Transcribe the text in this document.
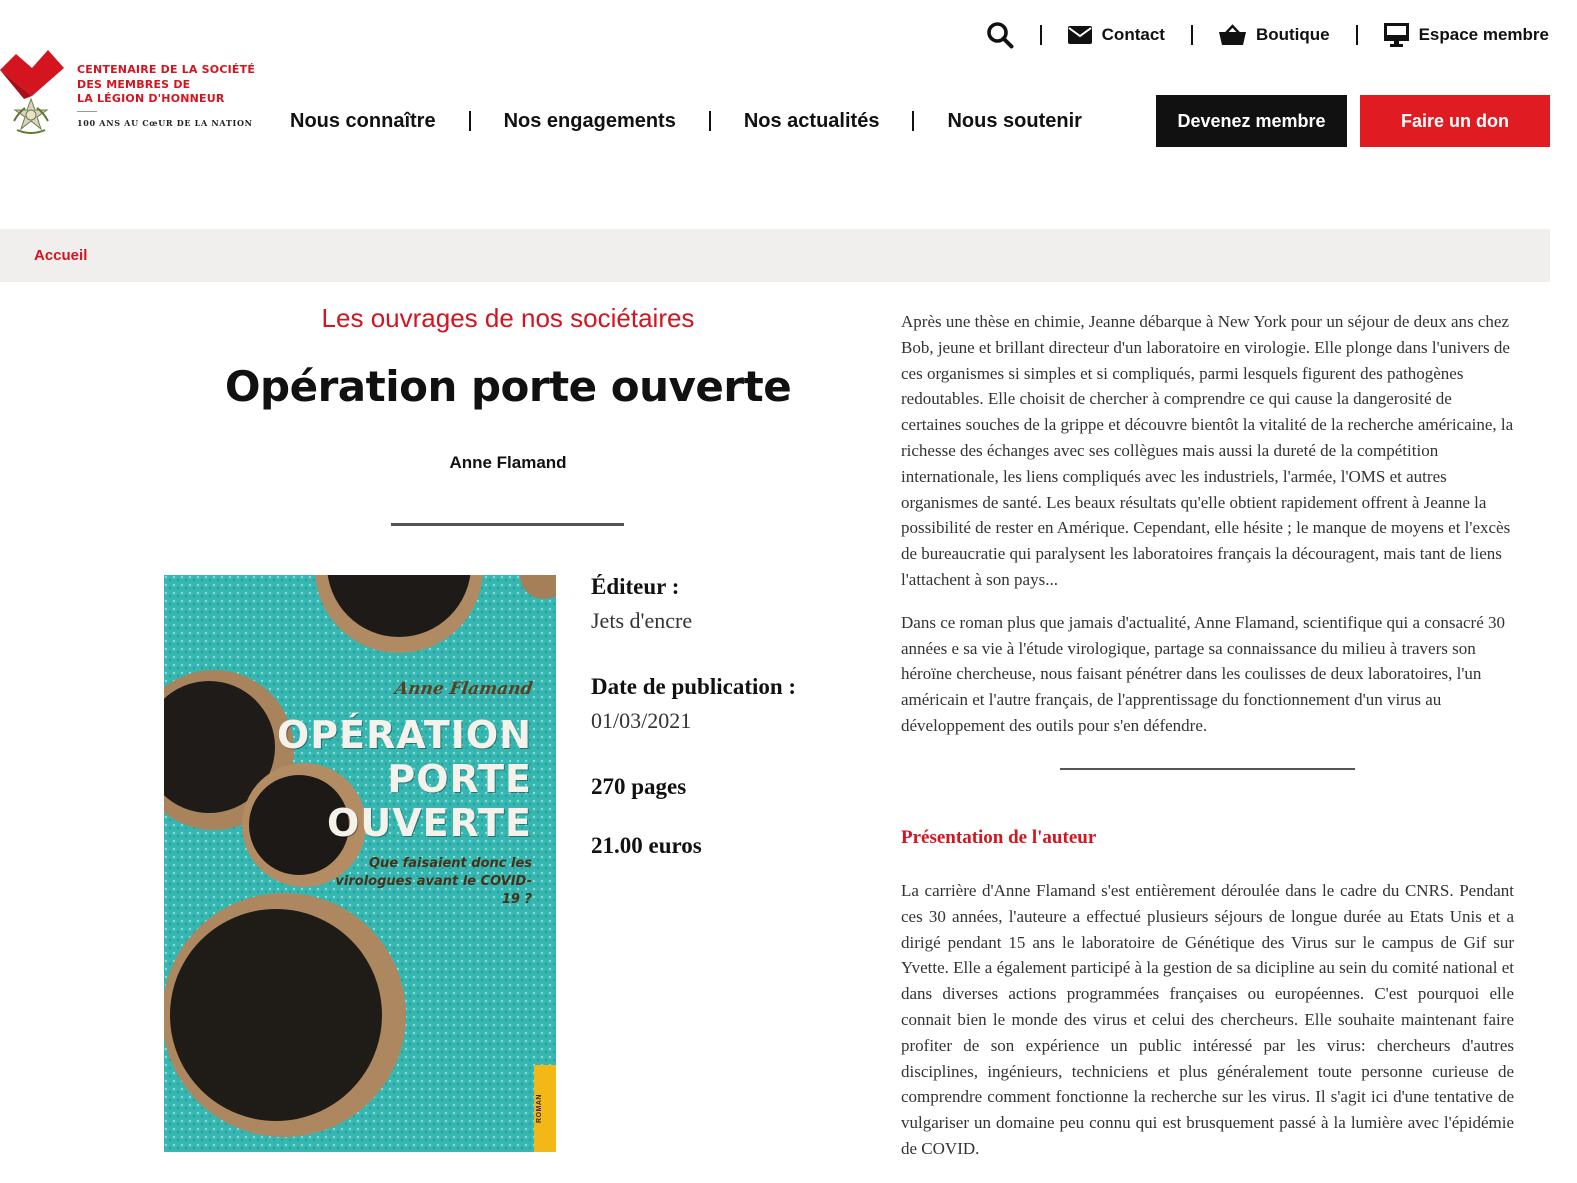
Contact	Boutique	Espace membre
CENTENAIRE DE LA SOCIÉTÉ
DES MEMBRES DE
LA LÉGION D'HONNEUR
100 ANS AU CœUR DE LA NATION Nous connaître	Nos engagements	Nos actualités	Nous soutenir	Devenez membre	Faire un don
Accueil
Les ouvrages de nos sociétaires
Opération porte ouverte
Anne Flamand
Anne Flamand
OPÉRATION
PORTE
OUVERTE
Que faisaient donc les virologues avant le COVID-19 ?
ROMAN
Éditeur :
Jets d'encre
Date de publication :
01/03/2021
270 pages
21.00 euros

Après une thèse en chimie, Jeanne débarque à New York pour un séjour de deux ans chez Bob, jeune et brillant directeur d'un laboratoire en virologie. Elle plonge dans l'univers de ces organismes si simples et si compliqués, parmi lesquels figurent des pathogènes redoutables. Elle choisit de chercher à comprendre ce qui cause la dangerosité de certaines souches de la grippe et découvre bientôt la vitalité de la recherche américaine, la richesse des échanges avec ses collègues mais aussi la dureté de la compétition internationale, les liens compliqués avec les industriels, l'armée, l'OMS et autres organismes de santé. Les beaux résultats qu'elle obtient rapidement offrent à Jeanne la possibilité de rester en Amérique. Cependant, elle hésite ; le manque de moyens et l'excès de bureaucratie qui paralysent les laboratoires français la découragent, mais tant de liens l'attachent à son pays...

Dans ce roman plus que jamais d'actualité, Anne Flamand, scientifique qui a consacré 30 années e sa vie à l'étude virologique, partage sa connaissance du milieu à travers son héroïne chercheuse, nous faisant pénétrer dans les coulisses de deux laboratoires, l'un américain et l'autre français, de l'apprentissage du fonctionnement d'un virus au développement des outils pour s'en défendre.

Présentation de l'auteur

La carrière d'Anne Flamand s'est entièrement déroulée dans le cadre du CNRS. Pendant ces 30 années, l'auteure a effectué plusieurs séjours de longue durée au Etats Unis et a dirigé pendant 15 ans le laboratoire de Génétique des Virus sur le campus de Gif sur Yvette. Elle a également participé à la gestion de sa dicipline au sein du comité national et dans diverses actions programmées françaises ou européennes. C'est pourquoi elle connait bien le monde des virus et celui des chercheurs. Elle souhaite maintenant faire profiter de son expérience un public intéressé par les virus: chercheurs d'autres disciplines, ingénieurs, techniciens et plus généralement toute personne curieuse de comprendre comment fonctionne la recherche sur les virus. Il s'agit ici d'une tentative de vulgariser un domaine peu connu qui est brusquement passé à la lumière avec l'épidémie de COVID.
